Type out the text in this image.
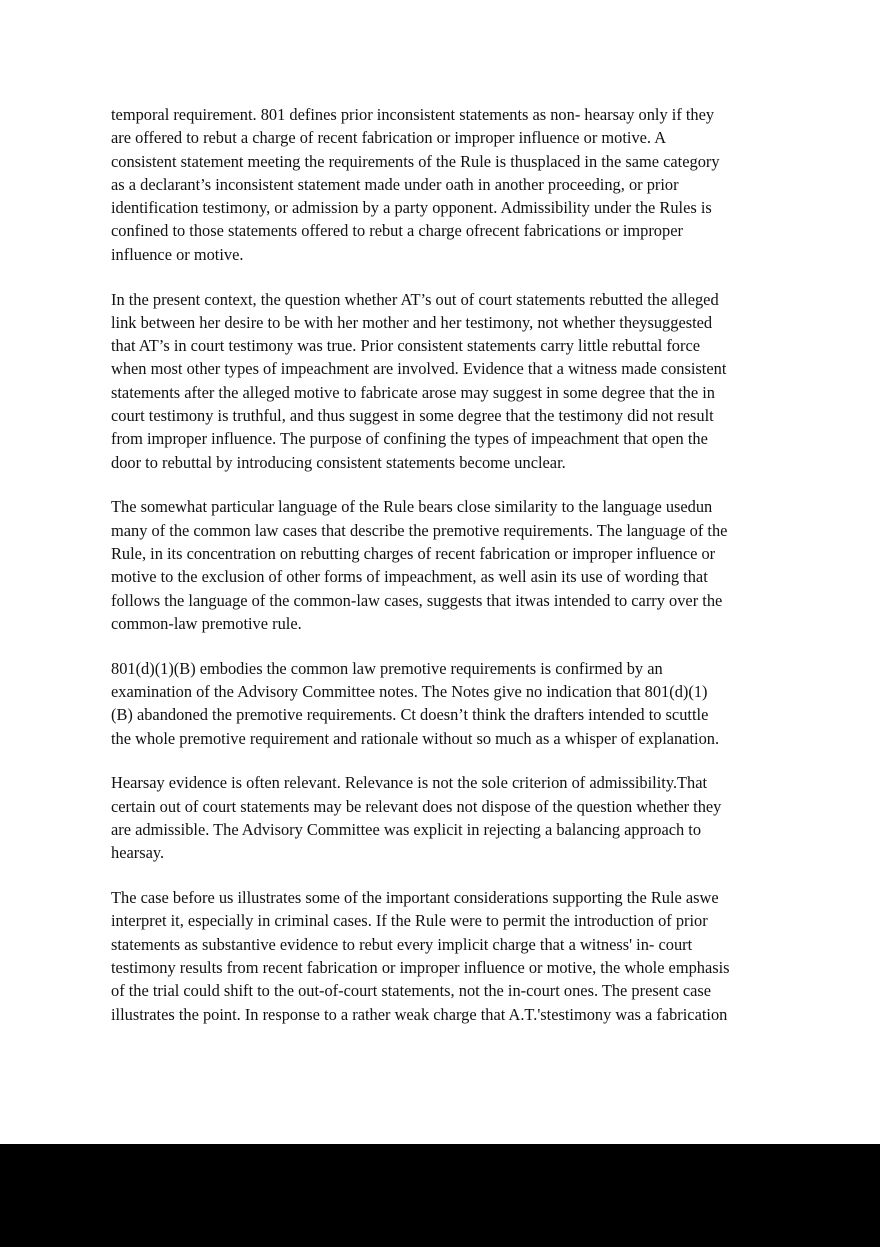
temporal requirement. 801 defines prior inconsistent statements as non- hearsay only if they
are offered to rebut a charge of recent fabrication or improper influence or motive. A
consistent statement meeting the requirements of the Rule is thusplaced in the same category
as a declarant’s inconsistent statement made under oath in another proceeding, or prior
identification testimony, or admission by a party opponent. Admissibility under the Rules is
confined to those statements offered to rebut a charge ofrecent fabrications or improper
influence or motive.

In the present context, the question whether AT’s out of court statements rebutted the alleged
link between her desire to be with her mother and her testimony, not whether theysuggested
that AT’s in court testimony was true. Prior consistent statements carry little rebuttal force
when most other types of impeachment are involved. Evidence that a witness made consistent
statements after the alleged motive to fabricate arose may suggest in some degree that the in
court testimony is truthful, and thus suggest in some degree that the testimony did not result
from improper influence. The purpose of confining the types of impeachment that open the
door to rebuttal by introducing consistent statements become unclear.

The somewhat particular language of the Rule bears close similarity to the language usedun
many of the common law cases that describe the premotive requirements. The language of the
Rule, in its concentration on rebutting charges of recent fabrication or improper influence or
motive to the exclusion of other forms of impeachment, as well asin its use of wording that
follows the language of the common-law cases, suggests that itwas intended to carry over the
common-law premotive rule.

801(d)(1)(B) embodies the common law premotive requirements is confirmed by an
examination of the Advisory Committee notes. The Notes give no indication that 801(d)(1)
(B) abandoned the premotive requirements. Ct doesn’t think the drafters intended to scuttle
the whole premotive requirement and rationale without so much as a whisper of explanation.

Hearsay evidence is often relevant. Relevance is not the sole criterion of admissibility.That
certain out of court statements may be relevant does not dispose of the question whether they
are admissible. The Advisory Committee was explicit in rejecting a balancing approach to
hearsay.

The case before us illustrates some of the important considerations supporting the Rule aswe
interpret it, especially in criminal cases. If the Rule were to permit the introduction of prior
statements as substantive evidence to rebut every implicit charge that a witness' in- court
testimony results from recent fabrication or improper influence or motive, the whole emphasis
of the trial could shift to the out-of-court statements, not the in-court ones. The present case
illustrates the point. In response to a rather weak charge that A.T.'stestimony was a fabrication
